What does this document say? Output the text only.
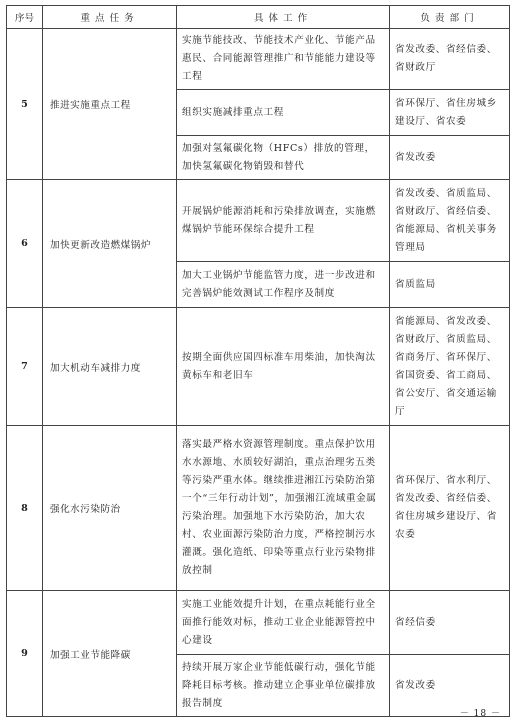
序号	重点任务	具体工作	负责部门
5	推进实施重点工程	实施节能技改、节能技术产业化、节能产品惠民、合同能源管理推广和节能能力建设等工程	省发改委、省经信委、省财政厅
		组织实施减排重点工程	省环保厅、省住房城乡建设厅、省农委
		加强对氢氟碳化物（HFCs）排放的管理，加快氢氟碳化物销毁和替代	省发改委
6	加快更新改造燃煤锅炉	开展锅炉能源消耗和污染排放调查，实施燃煤锅炉节能环保综合提升工程	省发改委、省质监局、省财政厅、省经信委、省能源局、省机关事务管理局
		加大工业锅炉节能监管力度，进一步改进和完善锅炉能效测试工作程序及制度	省质监局
7	加大机动车减排力度	按期全面供应国四标准车用柴油，加快淘汰黄标车和老旧车	省能源局、省发改委、省财政厅、省质监局、省商务厅、省环保厅、省国资委、省工商局、省公安厅、省交通运输厅
8	强化水污染防治	落实最严格水资源管理制度。重点保护饮用水水源地、水质较好湖泊，重点治理劣五类等污染严重水体。继续推进湘江污染防治第一个“三年行动计划”，加强湘江流域重金属污染治理。加强地下水污染防治，加大农村、农业面源污染防治力度，严格控制污水灌溉。强化造纸、印染等重点行业污染物排放控制	省环保厅、省水利厅、省发改委、省经信委、省住房城乡建设厅、省农委
9	加强工业节能降碳	实施工业能效提升计划，在重点耗能行业全面推行能效对标，推动工业企业能源管控中心建设	省经信委
		持续开展万家企业节能低碳行动，强化节能降耗目标考核。推动建立企事业单位碳排放报告制度	省发改委
－ 18 －
